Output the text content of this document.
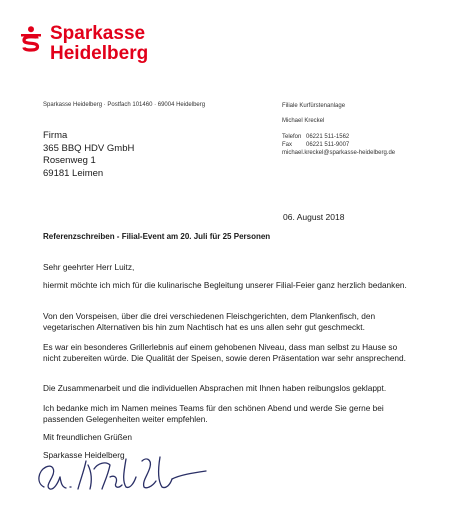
Sparkasse
Heidelberg
Sparkasse Heidelberg · Postfach 101460 · 69004 Heidelberg	Filiale Kurfürstenanlage
Michael Kreckel
Telefon	06221 511-1562
Fax	06221 511-9007
michael.kreckel@sparkasse-heidelberg.de
Firma
365 BBQ HDV GmbH
Rosenweg 1
69181 Leimen
06. August 2018
Referenzschreiben - Filial-Event am 20. Juli für 25 Personen
Sehr geehrter Herr Luitz,
hiermit möchte ich mich für die kulinarische Begleitung unserer Filial-Feier ganz herzlich bedanken.
Von den Vorspeisen, über die drei verschiedenen Fleischgerichten, dem Plankenfisch, den vegetarischen Alternativen bis hin zum Nachtisch hat es uns allen sehr gut geschmeckt.
Es war ein besonderes Grillerlebnis auf einem gehobenen Niveau, dass man selbst zu Hause so nicht zubereiten würde. Die Qualität der Speisen, sowie deren Präsentation war sehr ansprechend.
Die Zusammenarbeit und die individuellen Absprachen mit Ihnen haben reibungslos geklappt.
Ich bedanke mich im Namen meines Teams für den schönen Abend und werde Sie gerne bei passenden Gelegenheiten weiter empfehlen.
Mit freundlichen Grüßen
Sparkasse Heidelberg
